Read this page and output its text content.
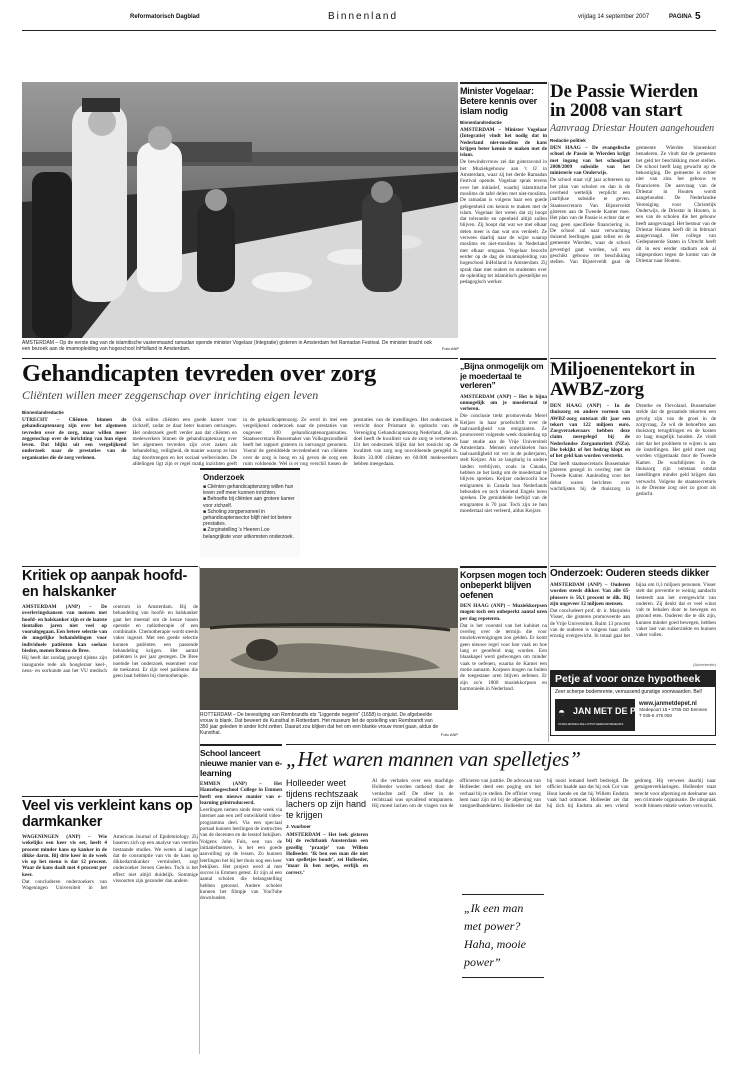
Reformatorisch Dagblad	Binnenland	vrijdag 14 september 2007	PAGINA 5
AMSTERDAM – Op de eerste dag van de islamitische vastenmaand ramadan opende minister Vogelaar (Integratie) gisteren in Amsterdam het Ramadan Festival. De minister bracht ook een bezoek aan de imamopleiding van hogeschool InHolland in Amsterdam.	Foto ANP
Minister Vogelaar: Betere kennis over islam nodig
Binnenlandredactie

AMSTERDAM – Minister Vogelaar (Integratie) vindt het nodig dat in Nederland niet-moslims de kans krijgen beter kennis te maken met de islam.

De bewindsvrouw zei dat gisteravond in het Muziekgebouw aan 't IJ in Amsterdam, waar zij het derde Ramadan Festival opende. Vogelaar sprak tevens over het initiatief, waarbij islamitische moslims de tafel delen met niet-moslims. De ramadan is volgens haar een goede gelegenheid om kennis te maken met de islam. Vogelaar liet weten dat zij hoopt dat tolerantie en openheid altijd zullen blijven. Zij hoopt dat wat we met elkaar delen meer is dan wat ons verdeelt. Ze verwees daarbij naar de wijze waarop moslims en niet-moslims in Nederland met elkaar omgaan. Vogelaar bezocht eerder op de dag de imamopleiding van hogeschool InHolland in Amsterdam. Zij sprak daar met ouders en studenten over de opleiding tot islamitisch geestelijke en pedagogisch werker.

De Passie Wierden in 2008 van start
Aanvraag Driestar Houten aangehouden
Redactie politiek

DEN HAAG – De evangelische school de Passie in Wierden krijgt met ingang van het schooljaar 2008/2009 subsidie van het ministerie van Onderwijs.

De school staat vijf jaar achtereen op het plan van scholen en dan is de overheid wettelijk verplicht een jaarlijkse subsidie te geven. Staatssecretaris Van Bijsterveldt gisteren aan de Tweede Kamer mee. Het plan van de Passie is echter dat er nog geen specifieke financiering is. De school zal naar verwachting duizend leerlingen gaan tellen en de gemeente Wierden, waar de school gevestigd gaat worden, wil een geschikt gebouw ter beschikking stellen. Van Bijsterveldt gaat de gemeente Wierden binnenkort benaderen. Ze vindt dat de gemeente het geld ter beschikking moet stellen. De school heeft lang gewacht op de bekostiging. De gemeente is echter niet van zins het gebouw te financieren. De aanvraag van de Driestar in Houten wordt aangehouden. De Nederlandse Vereniging voor Christelijk Onderwijs, de Driestar in Houten, is een van de scholen die het gebouw heeft aangevraagd. Het bestuur van de Driestar Houten heeft dit in februari aangevraagd. Het college van Gedeputeerde Staten in Utrecht heeft dit in een eerder stadium ook al uitgesproken tegen de komst van de Driestar naar Houten.

Gehandicapten tevreden over zorg
Cliënten willen meer zeggenschap over inrichting eigen leven
Binnenlandredactie

UTRECHT – Cliënten binnen de gehandicaptenzorg zijn over het algemeen tevreden over de zorg, maar willen meer zeggenschap over de inrichting van hun eigen leven. Dat blijkt uit een vergelijkend onderzoek naar de prestaties van de organisaties die de zorg verlenen.

Ook willen cliënten een goede kamer voor zichzelf, zodat ze daar beter kunnen ontvangen. Het onderzoek geeft verder aan dat cliënten en medewerkers binnen de gehandicaptenzorg over het algemeen tevreden zijn over zaken als behandeling, veiligheid, de manier waarop ze hun dag doorbrengen en het sociaal welbevinden. De afdelingen ligt zijn er regel matig inzichten geeft in de gehandicaptenzorg. Ze werd in mei een vergelijkend onderzoek naar de prestaties van ongeveer 100 gehandicaptenorganisaties. Staatssecretaris Bussemaker van Volksgezondheid heeft het rapport gisteren in ontvangst genomen. Vooral de gemiddelde tevredenheid van cliënten over de zorg is hoog en zij geven de zorg een ruim voldoende. Wel is er nog verschil tussen de prestaties van de instellingen. Het onderzoek is verricht door Prismant in opdracht van de Vereniging Gehandicaptenzorg Nederland, die als doel heeft de kwaliteit van de zorg te verbeteren. Uit het onderzoek blijkt dat het toezicht op de kwaliteit van zorg nog onvoldoende geregeld is. Ruim 33.000 cliënten en 60.000 medewerkers hebben meegedaan.

Onderzoek
■ Cliënten gehandicaptenzorg willen hun leven zelf meer kunnen inrichten.
■ Behoefte bij cliënten aan grotere kamer voor zichzelf.
■ Scholing zorgpersoneel in gehandicaptensector blijft niet tot betere prestaties.
■ Zorginstelling 's Heeren Loo belangrijkste voor uitkomsten onderzoek.
„Bijna onmogelijk om je moedertaal te verleren”

AMSTERDAM (ANP) – Het is bijna onmogelijk om je moedertaal te verleren.

Die conclusie trekt promovenda Merel Keijzer in haar proefschrift over de taalvaardigheid van emigranten. Ze promoveert volgende week donderdag op haar studie aan de Vrije Universiteit Amsterdam. Mensen ontwikkelen hun taalvaardigheid tot ver in de puberjaren, stelt Keijzer. Als ze langdurig in andere landen verblijven, zoals in Canada, hebben ze het lastig om de moedertaal te blijven spreken. Keijzer onderzocht hoe emigranten in Canada hun Nederlands behouden en toch vloeiend Engels leren spreken. De gemiddelde leeftijd van de emigranten is 70 jaar. Toch zijn ze hun moedertaal niet verleerd, aldus Keijzer.

Miljoenentekort in AWBZ-zorg

DEN HAAG (ANP) – In de thuiszorg en andere vormen van AWBZ-zorg ontstaat dit jaar een tekort van 122 miljoen euro. Zorgverzekeraars hebben deze claim neergelegd bij de Nederlandse Zorgautoriteit (NZa). Die bekijkt of het bedrag klopt en of het geld kan worden verstrekt.

Dat heeft staatssecretaris Bussemaker gisteren gezegd in overleg met de Tweede Kamer. Aanleiding voor het debat waren berichten over wachtlijsten bij de thuiszorg in Drenthe en Flevoland. Bussemaker stelde dat de geraamde tekorten een gevolg zijn van de groei in de zorgvraag. Ze wil de behoeften aan thuiszorg terugdringen en de kosten zo laag mogelijk houden. Ze vindt niet dat het probleem te wijten is aan de instellingen. Het geld moet nog worden vrijgemaakt door de Tweede Kamer. De wachtlijsten in de thuiszorg zijn ontstaan omdat instellingen minder geld krijgen dan verwacht. Volgens de staatssecretaris is de Drentse zorg niet zo groot als gedacht.

Kritiek op aanpak hoofd- en halskanker

AMSTERDAM (ANP) – De overlevingskansen van mensen met hoofd- en halskanker zijn er de laatste tientallen jaren niet veel op vooruitgegaan. Een betere selectie van de mogelijke behandelingen voor individuele patiënten kan soelaas bieden, menen Remco de Bree.

Hij heeft dat zondag gezegd tijdens zijn inaugurele rede als hoogleraar keel-, neus- en oorkunde aan het VU medisch centrum in Amsterdam. Bij de behandeling van hoofd- en halskanker gaat het meestal om de keuze tussen operatie en radiotherapie of een combinatie. Chemotherapie wordt steeds vaker ingezet. Met een goede selectie kunnen patiënten een passende behandeling krijgen. Het aantal patiënten is per jaar gestegen. De Bree noemde het onderzoek essentieel voor de toekomst. Er zijn veel patiënten die geen baat hebben bij chemotherapie.

ROTTERDAM – De bevestiging van Rembrandts ets "Liggende negerin" (1658) is onjuist. De afgebeelde vrouw is blank. Dat beweert de Kunsthal in Rotterdam. Het museum liet de opstelling van Rembrandt van 350 jaar geleden in ander licht zetten. Daaruit zou blijken dat het om een blanke vrouw moet gaan, aldus de Kunsthal.	Foto ANP
Korpsen mogen toch onbeperkt blijven oefenen

DEN HAAG (ANP) – Muziekkorpsen mogen toch een onbeperkt aantal uren per dag repeteren.

Dat is het voorstel van het kabinet na overleg over de termijn die voor muziekverenigingen zou gelden. Er komt geen nieuwe regel voor hoe vaak en hoe lang er geoefend mag worden. Een blaaskapel werd gedwongen om minder vaak te oefenen, waarna de Kamer een motie aannam. Korpsen mogen nu buiten de toegestane uren blijven oefenen. Er zijn zo'n 1800 muziekkorpsen en harmonieën in Nederland.

Onderzoek: Ouderen steeds dikker

AMSTERDAM (ANP) – Ouderen worden steeds dikker. Van alle 65-plussers is 56,1 procent te dik. Bij zijn ongeveer 12 miljoen mensen.

Dat concludeert prof. dr. ir. Marjolein Visser, die gisteren promoveerde aan de Vrije Universiteit. Ruim 13 procent van de ouderen is volgens haar zelfs ernstig overgewicht. In totaal gaat het bijna om 0,3 miljoen personen. Visser stelt dat preventie te weinig aandacht besteedt aan het overgewicht van ouderen. Zij denkt dat er veel winst valt te behalen door te bewegen en gezond eten. Ouderen die te dik zijn, kunnen minder goed bewegen, hebben vaker last van suikerziekte en kunnen vaker vallen.

(Advertentie)
Petje af voor onze hypotheek
Zeer scherpe bodemrente, verrassend gunstige voorwaarden. Bel!
◓ JAN MET DE PET
ONAFHANKELIJKE HYPOTHEEKADVIESEURS
www.janmetdepet.nl
Stedepoort 15 • 3755 GD Eemnes
T 035-6 476 050
Veel vis verkleint kans op darmkanker

WAGENINGEN (ANP) – Wie wekelijks een keer vis eet, heeft 4 procent minder kans op kanker in de dikke darm. Bij drie keer in de week vis op het menu is dat 12 procent. Waar de kans daalt met 4 procent per keer.

Dat concluderen onderzoekers van Wageningen Universiteit in het American Journal of Epidemiology. Zij baseren zich op een analyse van veertien bestaande studies. We weten al langer dat de consumptie van vis de kans op dikkedarmkanker vermindert, zegt onderzoeker Jeroen Geelen. Toch is het effect niet altijd duidelijk. Sommige vissoorten zijn gezonder dan andere.

School lanceert nieuwe manier van e-learning

EMMEN (ANP) – Het Hanzehogeschool College in Emmen heeft een nieuwe manier van e-learning geïntroduceerd.

Leerlingen nemen sinds deze week via internet aan een zelf ontwikkeld video-programma deel. Via een speciaal portaal kunnen leerlingen de instructies van de docenten en de lesstof bekijken. Volgens John Fuls, een van de initiatiefnemers, is het een goede aanvulling op de lessen. Zo kunnen leerlingen het bij het thuis nog een keer bekijken. Het project werd al met succes in Emmen getest. Er zijn al een aantal scholen die belangstelling hebben getoond. Andere scholen kunnen het filmpje van YouTube downloaden.

„Het waren mannen van spelletjes”
Holleeder weet tijdens rechtszaak lachers op zijn hand te krijgen
J. Vuurboer

AMSTERDAM – Het leek gisteren bij de rechtbank Amsterdam een gezellig ‘praatje’ van Willem Holleeder. ‘Ik ben een man die niet van spelletjes houdt’, zei Holleeder, ‘maar ik ben netjes, eerlijk en correct.’

Al die verhalen over een machtige Holleeder worden ontkend door de verdachte zelf. De sfeer in de rechtszaal was opvallend ontspannen. Hij moest lachen om de vragen van de officieren van justitie. De advocaat van Holleeder deed een poging om het verhaal bij te stellen. De officier vroeg hem naar zijn rol bij de afpersing van vastgoedhandelaren. Holleeder zei dat hij nooit iemand heeft bedreigd. De officier haalde aan dat hij ook Cor van Hout kende en dat hij Willem Endstra vaak had ontmoet. Holleeder zei dat hij zich bij Endstra als een vriend gedroeg. Hij verwees daarbij naar getuigenverklaringen. Holleeder staat terecht voor afpersing en deelname aan een criminele organisatie. De uitspraak wordt binnen enkele weken verwacht.

„Ik een man met power? Haha, mooie power”
